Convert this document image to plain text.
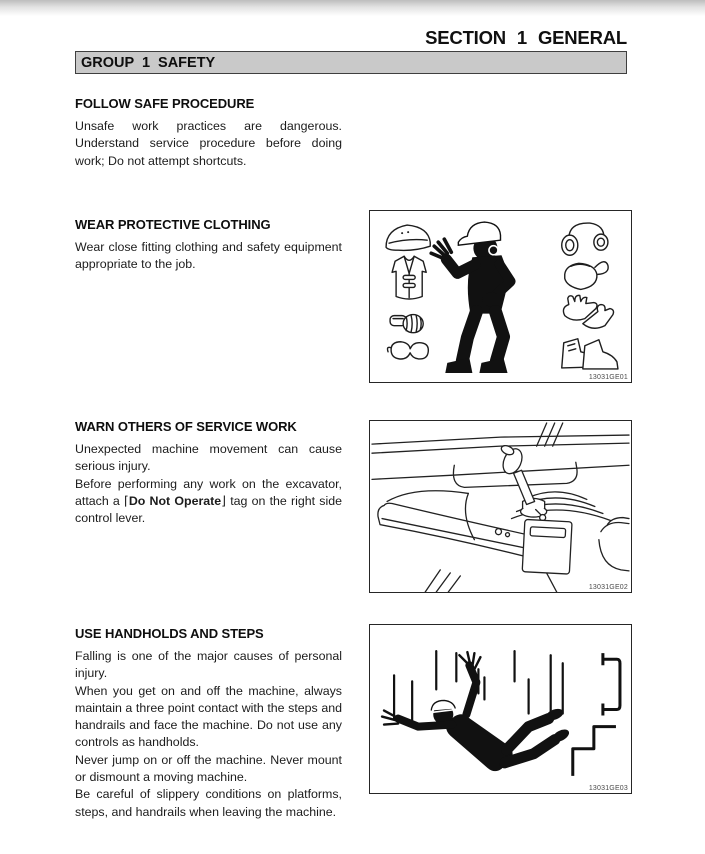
SECTION 1 GENERAL
GROUP 1 SAFETY
FOLLOW SAFE PROCEDURE

Unsafe work practices are dangerous. Understand service procedure before doing work; Do not attempt shortcuts.

WEAR PROTECTIVE CLOTHING

Wear close fitting clothing and safety equipment appropriate to the job.

13031GE01
WARN OTHERS OF SERVICE WORK

Unexpected machine movement can cause serious injury.

Before performing any work on the excavator, attach a ⌈Do Not Operate⌋ tag on the right side control lever.

13031GE02
USE HANDHOLDS AND STEPS

Falling is one of the major causes of personal injury.

When you get on and off the machine, always maintain a three point contact with the steps and handrails and face the machine. Do not use any controls as handholds.

Never jump on or off the machine. Never mount or dismount a moving machine.

Be careful of slippery conditions on platforms, steps, and handrails when leaving the machine.

13031GE03
